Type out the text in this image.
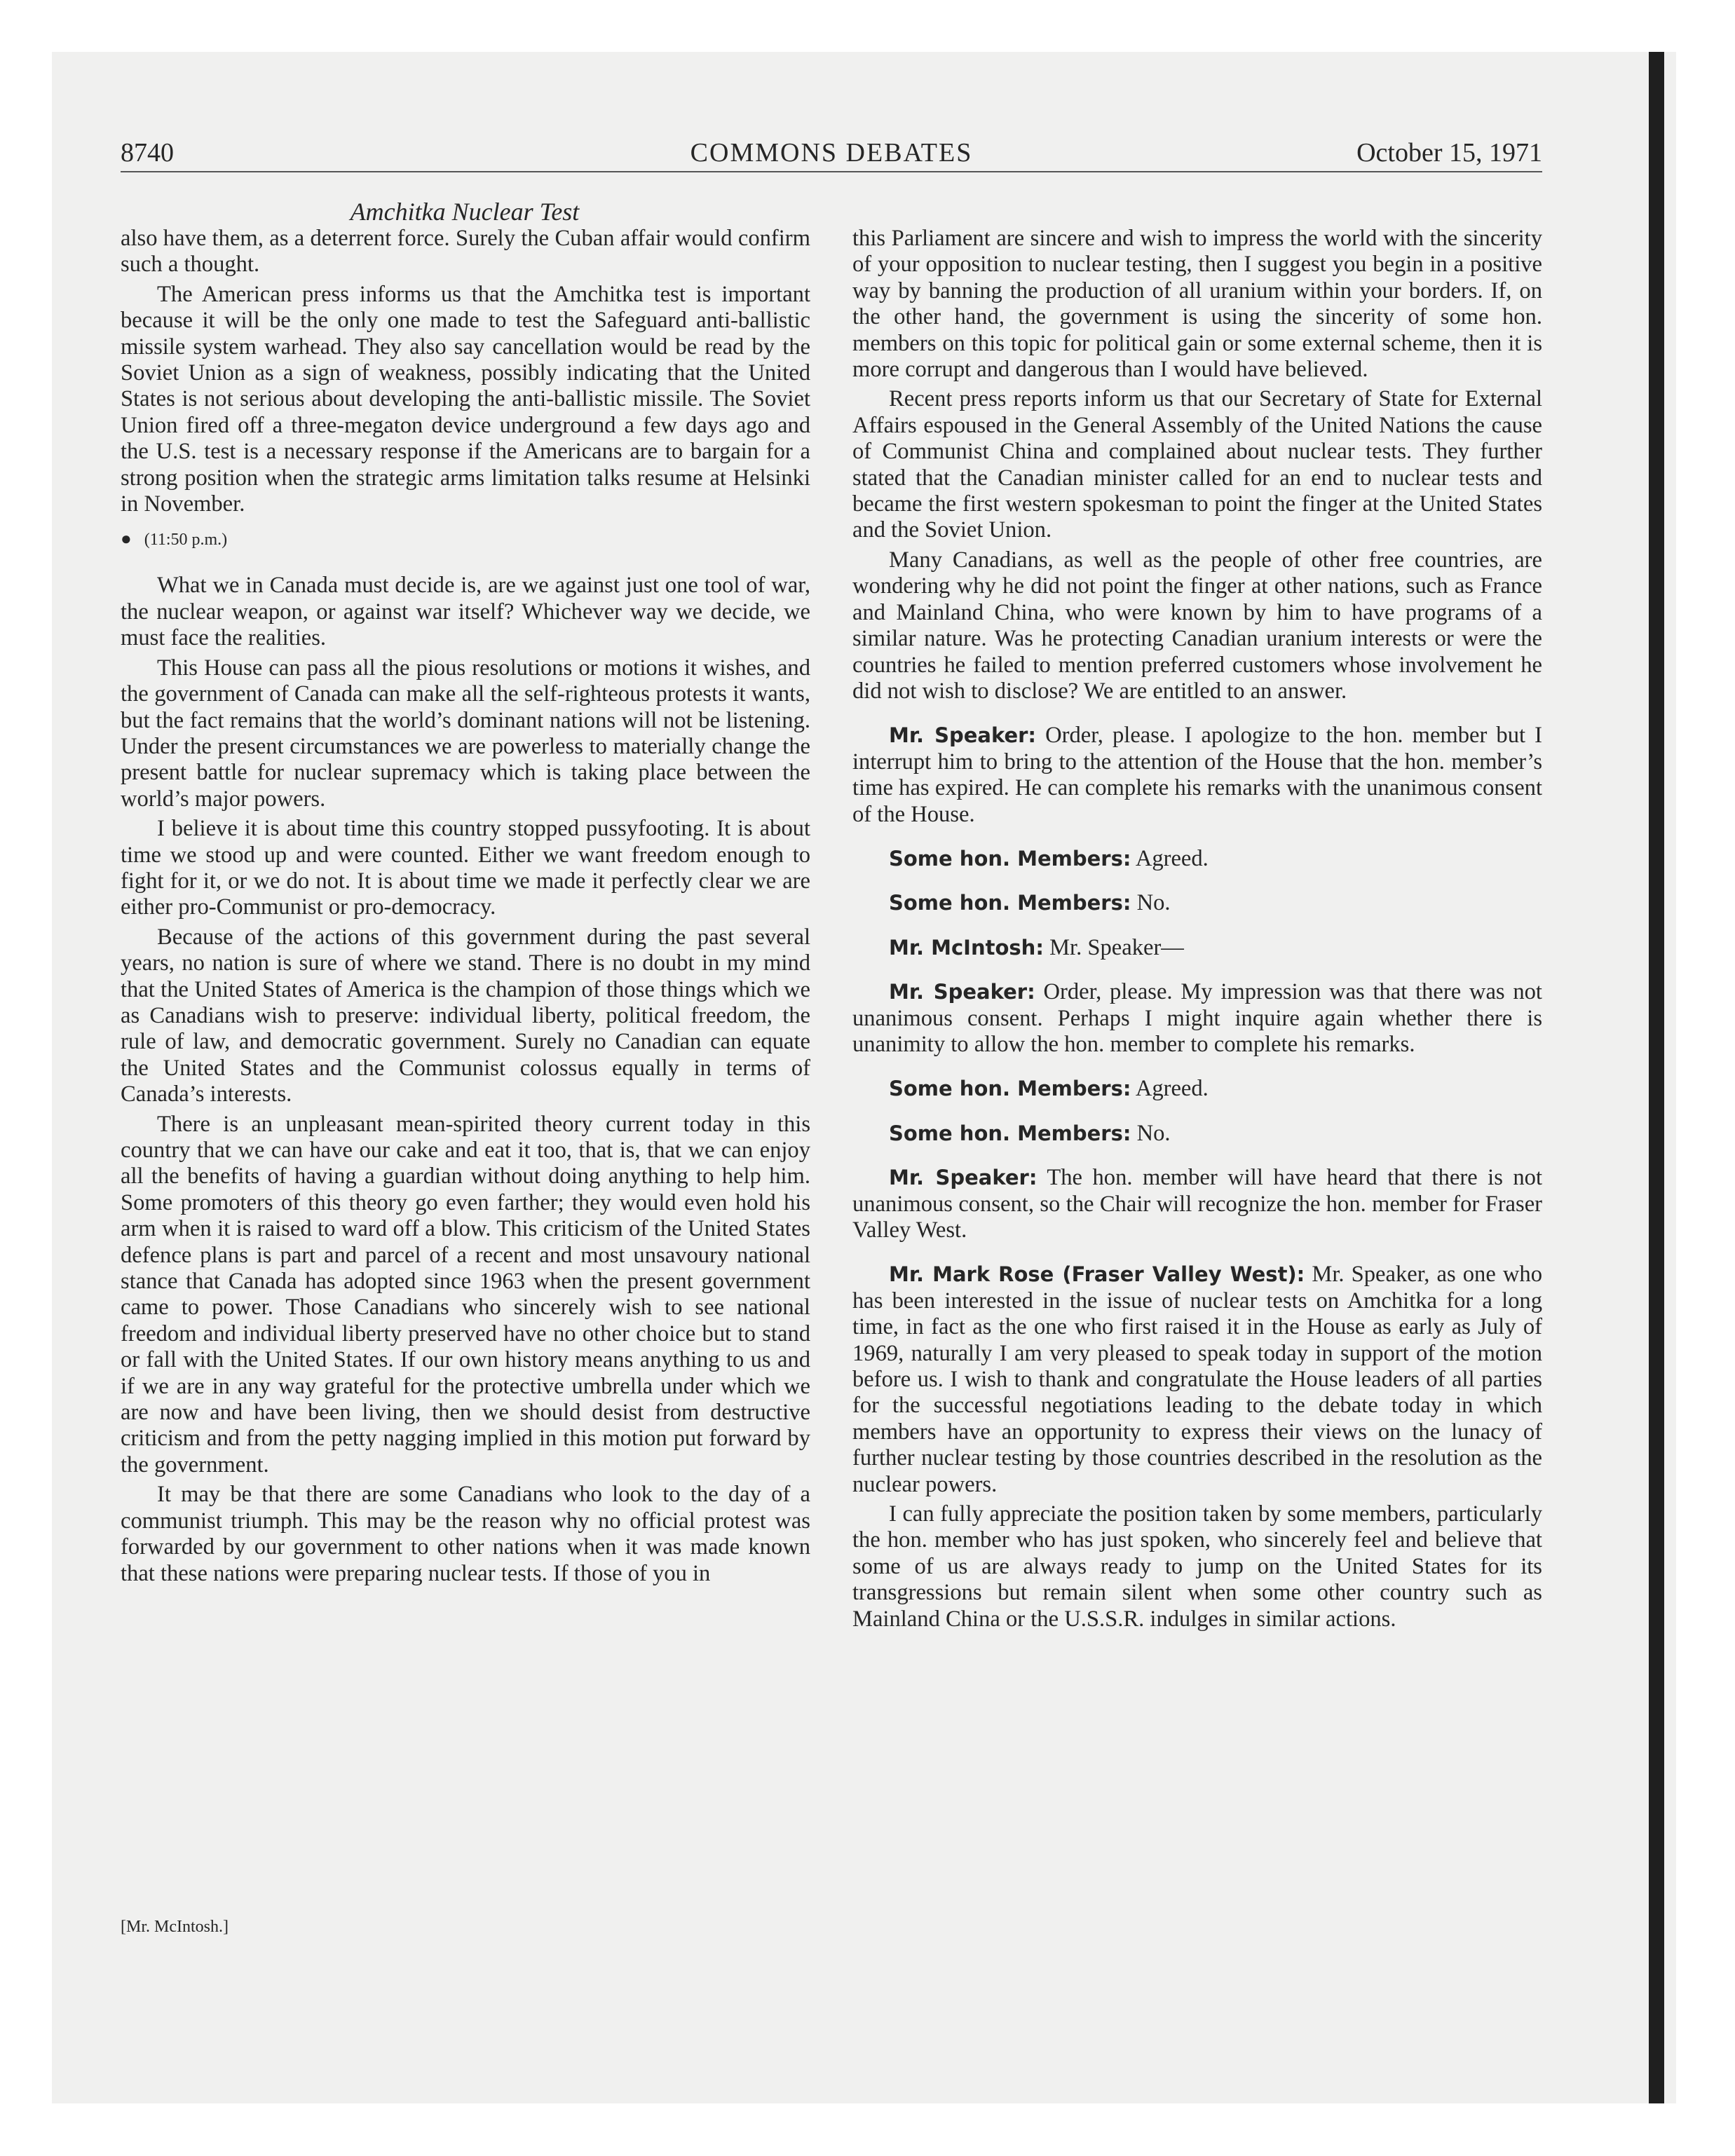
8740	COMMONS DEBATES	October 15, 1971
Amchitka Nuclear Test

also have them, as a deterrent force. Surely the Cuban affair would confirm such a thought.

The American press informs us that the Amchitka test is important because it will be the only one made to test the Safeguard anti-ballistic missile system warhead. They also say cancellation would be read by the Soviet Union as a sign of weakness, possibly indicating that the United States is not serious about developing the anti-ballistic missile. The Soviet Union fired off a three-megaton device underground a few days ago and the U.S. test is a necessary response if the Americans are to bargain for a strong position when the strategic arms limitation talks resume at Helsinki in November.

● (11:50 p.m.)

What we in Canada must decide is, are we against just one tool of war, the nuclear weapon, or against war itself? Whichever way we decide, we must face the realities.

This House can pass all the pious resolutions or motions it wishes, and the government of Canada can make all the self-righteous protests it wants, but the fact remains that the world’s dominant nations will not be listening. Under the present circumstances we are powerless to materially change the present battle for nuclear supremacy which is taking place between the world’s major powers.

I believe it is about time this country stopped pussyfooting. It is about time we stood up and were counted. Either we want freedom enough to fight for it, or we do not. It is about time we made it perfectly clear we are either pro-Communist or pro-democracy.

Because of the actions of this government during the past several years, no nation is sure of where we stand. There is no doubt in my mind that the United States of America is the champion of those things which we as Canadians wish to preserve: individual liberty, political freedom, the rule of law, and democratic government. Surely no Canadian can equate the United States and the Communist colossus equally in terms of Canada’s interests.

There is an unpleasant mean-spirited theory current today in this country that we can have our cake and eat it too, that is, that we can enjoy all the benefits of having a guardian without doing anything to help him. Some promoters of this theory go even farther; they would even hold his arm when it is raised to ward off a blow. This criticism of the United States defence plans is part and parcel of a recent and most unsavoury national stance that Canada has adopted since 1963 when the present government came to power. Those Canadians who sincerely wish to see national freedom and individual liberty preserved have no other choice but to stand or fall with the United States. If our own history means anything to us and if we are in any way grateful for the protective umbrella under which we are now and have been living, then we should desist from destructive criticism and from the petty nagging implied in this motion put forward by the government.

It may be that there are some Canadians who look to the day of a communist triumph. This may be the reason why no official protest was forwarded by our government to other nations when it was made known that these nations were preparing nuclear tests. If those of you in

[Mr. McIntosh.]

this Parliament are sincere and wish to impress the world with the sincerity of your opposition to nuclear testing, then I suggest you begin in a positive way by banning the production of all uranium within your borders. If, on the other hand, the government is using the sincerity of some hon. members on this topic for political gain or some external scheme, then it is more corrupt and dangerous than I would have believed.

Recent press reports inform us that our Secretary of State for External Affairs espoused in the General Assembly of the United Nations the cause of Communist China and complained about nuclear tests. They further stated that the Canadian minister called for an end to nuclear tests and became the first western spokesman to point the finger at the United States and the Soviet Union.

Many Canadians, as well as the people of other free countries, are wondering why he did not point the finger at other nations, such as France and Mainland China, who were known by him to have programs of a similar nature. Was he protecting Canadian uranium interests or were the countries he failed to mention preferred customers whose involvement he did not wish to disclose? We are entitled to an answer.

Mr. Speaker: Order, please. I apologize to the hon. member but I interrupt him to bring to the attention of the House that the hon. member’s time has expired. He can complete his remarks with the unanimous consent of the House.

Some hon. Members: Agreed.

Some hon. Members: No.

Mr. McIntosh: Mr. Speaker—

Mr. Speaker: Order, please. My impression was that there was not unanimous consent. Perhaps I might inquire again whether there is unanimity to allow the hon. member to complete his remarks.

Some hon. Members: Agreed.

Some hon. Members: No.

Mr. Speaker: The hon. member will have heard that there is not unanimous consent, so the Chair will recognize the hon. member for Fraser Valley West.

Mr. Mark Rose (Fraser Valley West): Mr. Speaker, as one who has been interested in the issue of nuclear tests on Amchitka for a long time, in fact as the one who first raised it in the House as early as July of 1969, naturally I am very pleased to speak today in support of the motion before us. I wish to thank and congratulate the House leaders of all parties for the successful negotiations leading to the debate today in which members have an opportunity to express their views on the lunacy of further nuclear testing by those countries described in the resolution as the nuclear powers.

I can fully appreciate the position taken by some members, particularly the hon. member who has just spoken, who sincerely feel and believe that some of us are always ready to jump on the United States for its transgressions but remain silent when some other country such as Mainland China or the U.S.S.R. indulges in similar actions.
